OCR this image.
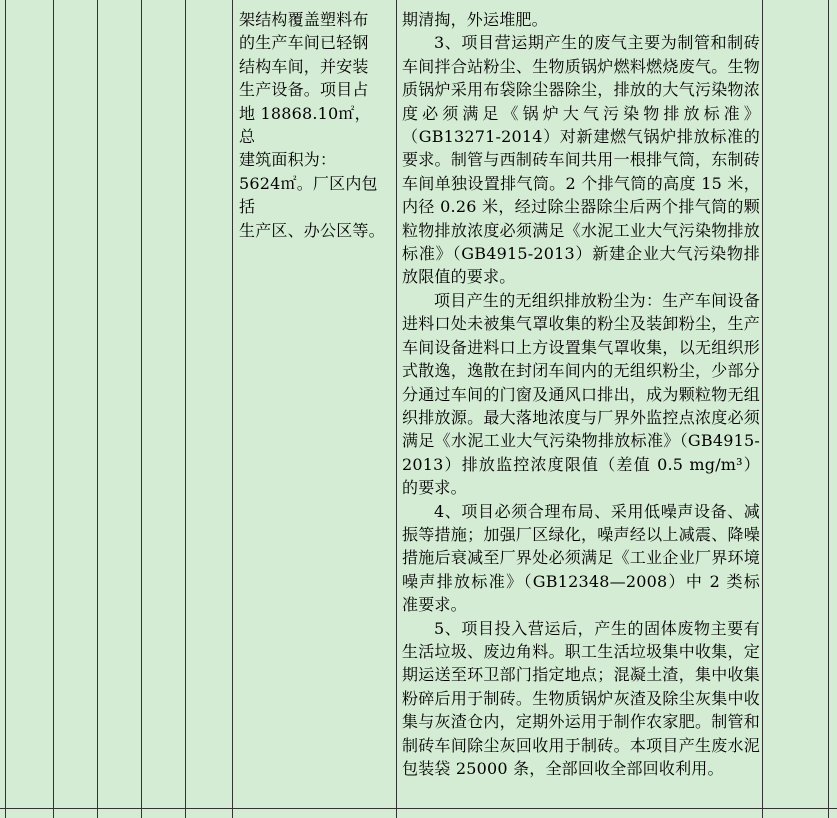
架结构覆盖塑料布

的生产车间已轻钢

结构车间，并安装

生产设备。项目占

地 18868.10㎡，总

建筑面积为：

5624㎡。厂区内包括

生产区、办公区等。

期清掏，外运堆肥。

3、项目营运期产生的废气主要为制管和制砖车间拌合站粉尘、生物质锅炉燃料燃烧废气。生物质锅炉采用布袋除尘器除尘，排放的大气污染物浓度必须满足《锅炉大气污染物排放标准》（GB13271-2014）对新建燃气锅炉排放标准的要求。制管与西制砖车间共用一根排气筒，东制砖车间单独设置排气筒。2 个排气筒的高度 15 米，内径 0.26 米，经过除尘器除尘后两个排气筒的颗粒物排放浓度必须满足《水泥工业大气污染物排放标准》（GB4915-2013）新建企业大气污染物排放限值的要求。

项目产生的无组织排放粉尘为：生产车间设备进料口处未被集气罩收集的粉尘及装卸粉尘，生产车间设备进料口上方设置集气罩收集，以无组织形式散逸，逸散在封闭车间内的无组织粉尘，少部分分通过车间的门窗及通风口排出，成为颗粒物无组织排放源。最大落地浓度与厂界外监控点浓度必须满足《水泥工业大气污染物排放标准》（GB4915-2013）排放监控浓度限值（差值 0.5 mg/m³）的要求。

4、项目必须合理布局、采用低噪声设备、减振等措施；加强厂区绿化，噪声经以上减震、降噪措施后衰减至厂界处必须满足《工业企业厂界环境噪声排放标准》（GB12348—2008）中 2 类标准要求。

5、项目投入营运后，产生的固体废物主要有生活垃圾、废边角料。职工生活垃圾集中收集，定期运送至环卫部门指定地点；混凝土渣，集中收集粉碎后用于制砖。生物质锅炉灰渣及除尘灰集中收集与灰渣仓内，定期外运用于制作农家肥。制管和制砖车间除尘灰回收用于制砖。本项目产生废水泥包装袋 25000 条，全部回收全部回收利用。
